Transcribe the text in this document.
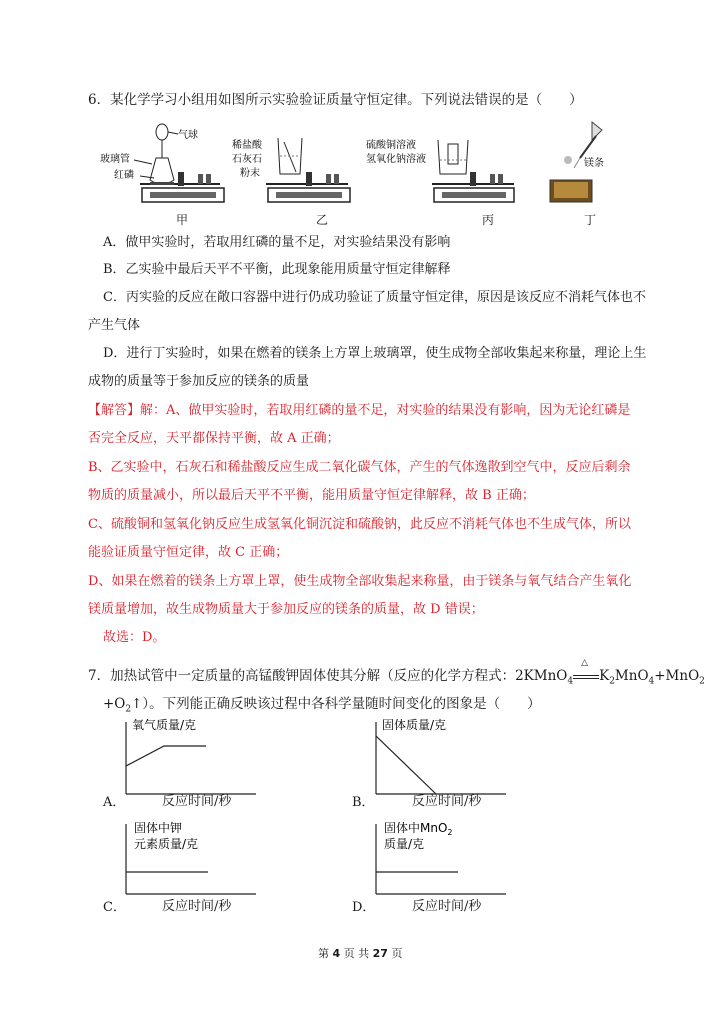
6．某化学学习小组用如图所示实验验证质量守恒定律。下列说法错误的是（　　）
玻璃管
红磷
气球
稀盐酸
石灰石
粉末
硫酸铜溶液
氢氧化钠溶液	镁条
甲	乙	丙	丁
A．做甲实验时，若取用红磷的量不足，对实验结果没有影响
B．乙实验中最后天平不平衡，此现象能用质量守恒定律解释
C．丙实验的反应在敞口容器中进行仍成功验证了质量守恒定律，原因是该反应不消耗气体也不
产生气体
D．进行丁实验时，如果在燃着的镁条上方罩上玻璃罩，使生成物全部收集起来称量，理论上生
成物的质量等于参加反应的镁条的质量
【解答】解：A、做甲实验时，若取用红磷的量不足，对实验的结果没有影响，因为无论红磷是
否完全反应，天平都保持平衡，故 A 正确；
B、乙实验中，石灰石和稀盐酸反应生成二氧化碳气体，产生的气体逸散到空气中，反应后剩余
物质的质量减小，所以最后天平不平衡，能用质量守恒定律解释，故 B 正确；
C、硫酸铜和氢氧化钠反应生成氢氧化铜沉淀和硫酸钠，此反应不消耗气体也不生成气体，所以
能验证质量守恒定律，故 C 正确；
D、如果在燃着的镁条上方罩上罩，使生成物全部收集起来称量，由于镁条与氧气结合产生氧化
镁质量增加，故生成物质量大于参加反应的镁条的质量，故 D 错误；
故选：D。
7．加热试管中一定质量的高锰酸钾固体使其分解（反应的化学方程式：2KMnO$_4$
△
$K_2MnO_4+MnO_2$
$+O_2↑$）。下列能正确反映该过程中各科学量随时间变化的图象是（　　）
氧气质量/克
A．	反应时间/秒
固体质量/克
B．	反应时间/秒
固体中钾
元素质量/克
C．	反应时间/秒
固体中MnO$_2$
质量/克
D．	反应时间/秒
第 4 页 共 27 页
